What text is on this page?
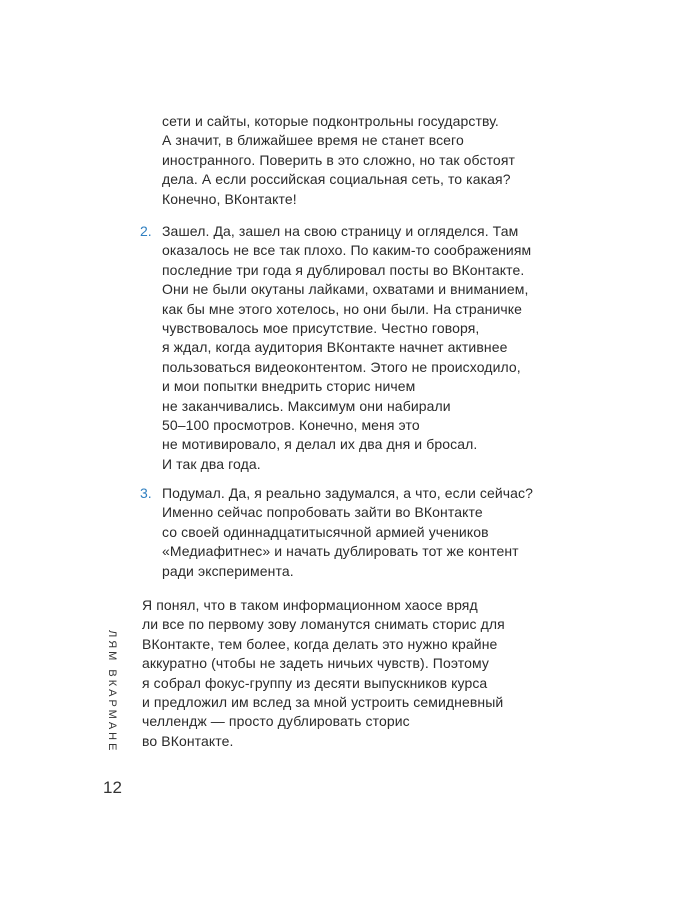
сети и сайты, которые подконтрольны государству.
А значит, в ближайшее время не станет всего
иностранного. Поверить в это сложно, но так обстоят
дела. А если российская социальная сеть, то какая?
Конечно, ВКонтакте!
2. Зашел. Да, зашел на свою страницу и огляделся. Там
оказалось не все так плохо. По каким-то соображениям
последние три года я дублировал посты во ВКонтакте.
Они не были окутаны лайками, охватами и вниманием,
как бы мне этого хотелось, но они были. На страничке
чувствовалось мое присутствие. Честно говоря,
я ждал, когда аудитория ВКонтакте начнет активнее
пользоваться видеоконтентом. Этого не происходило,
и мои попытки внедрить сторис ничем
не заканчивались. Максимум они набирали
50–100 просмотров. Конечно, меня это
не мотивировало, я делал их два дня и бросал.
И так два года.
3. Подумал. Да, я реально задумался, а что, если сейчас?
Именно сейчас попробовать зайти во ВКонтакте
со своей одиннадцатитысячной армией учеников
«Медиафитнес» и начать дублировать тот же контент
ради эксперимента.
Я понял, что в таком информационном хаосе вряд
ли все по первому зову ломанутся снимать сторис для
ВКонтакте, тем более, когда делать это нужно крайне
аккуратно (чтобы не задеть ничьих чувств). Поэтому
я собрал фокус-группу из десяти выпускников курса
и предложил им вслед за мной устроить семидневный
челлендж — просто дублировать сторис
во ВКонтакте.
ЛЯМ ВКАРМАНЕ
12
